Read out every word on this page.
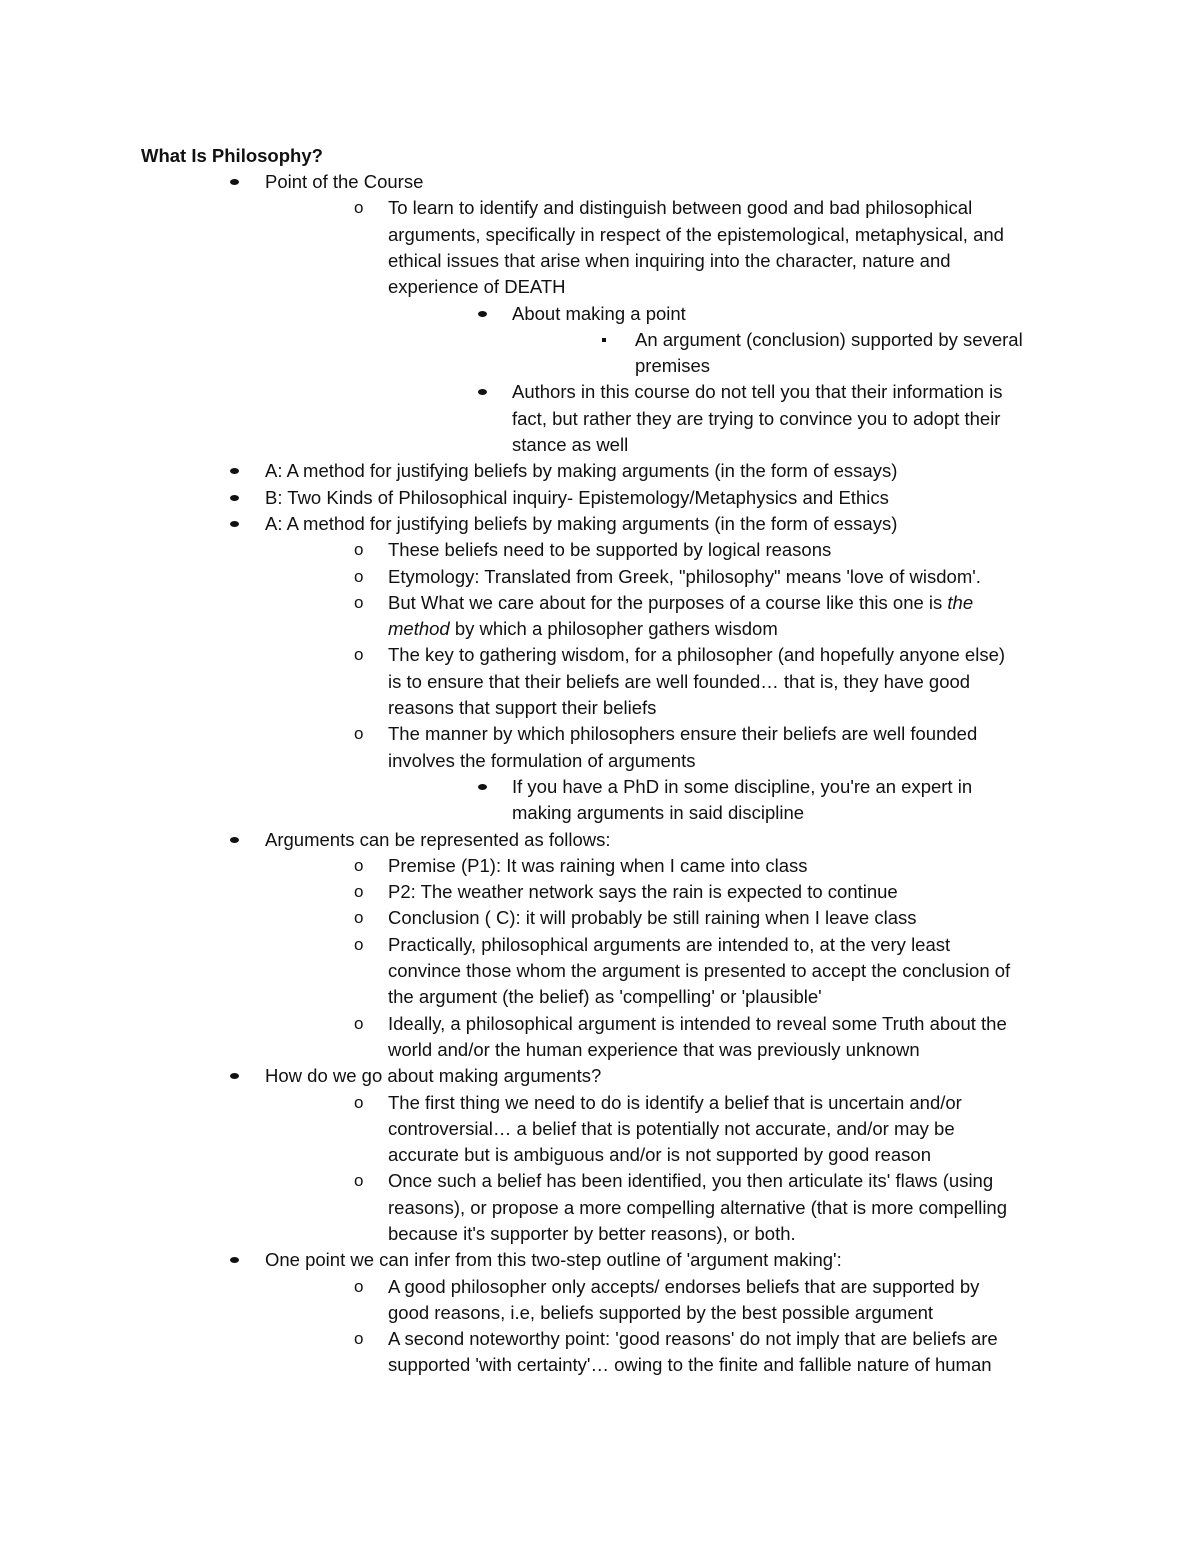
What Is Philosophy?
Point of the Course
o To learn to identify and distinguish between good and bad philosophical
arguments, specifically in respect of the epistemological, metaphysical, and
ethical issues that arise when inquiring into the character, nature and
experience of DEATH
About making a point
An argument (conclusion) supported by several
premises
Authors in this course do not tell you that their information is
fact, but rather they are trying to convince you to adopt their
stance as well
A: A method for justifying beliefs by making arguments (in the form of essays)
B: Two Kinds of Philosophical inquiry- Epistemology/Metaphysics and Ethics
A: A method for justifying beliefs by making arguments (in the form of essays)
o These beliefs need to be supported by logical reasons
o Etymology: Translated from Greek, "philosophy" means 'love of wisdom'.
o But What we care about for the purposes of a course like this one is the
method by which a philosopher gathers wisdom
o The key to gathering wisdom, for a philosopher (and hopefully anyone else)
is to ensure that their beliefs are well founded… that is, they have good
reasons that support their beliefs
o The manner by which philosophers ensure their beliefs are well founded
involves the formulation of arguments
If you have a PhD in some discipline, you're an expert in
making arguments in said discipline
Arguments can be represented as follows:
o Premise (P1): It was raining when I came into class
o P2: The weather network says the rain is expected to continue
o Conclusion ( C): it will probably be still raining when I leave class
o Practically, philosophical arguments are intended to, at the very least
convince those whom the argument is presented to accept the conclusion of
the argument (the belief) as 'compelling' or 'plausible'
o Ideally, a philosophical argument is intended to reveal some Truth about the
world and/or the human experience that was previously unknown
How do we go about making arguments?
o The first thing we need to do is identify a belief that is uncertain and/or
controversial… a belief that is potentially not accurate, and/or may be
accurate but is ambiguous and/or is not supported by good reason
o Once such a belief has been identified, you then articulate its' flaws (using
reasons), or propose a more compelling alternative (that is more compelling
because it's supporter by better reasons), or both.
One point we can infer from this two-step outline of 'argument making':
o A good philosopher only accepts/ endorses beliefs that are supported by
good reasons, i.e, beliefs supported by the best possible argument
o A second noteworthy point: 'good reasons' do not imply that are beliefs are
supported 'with certainty'… owing to the finite and fallible nature of human
